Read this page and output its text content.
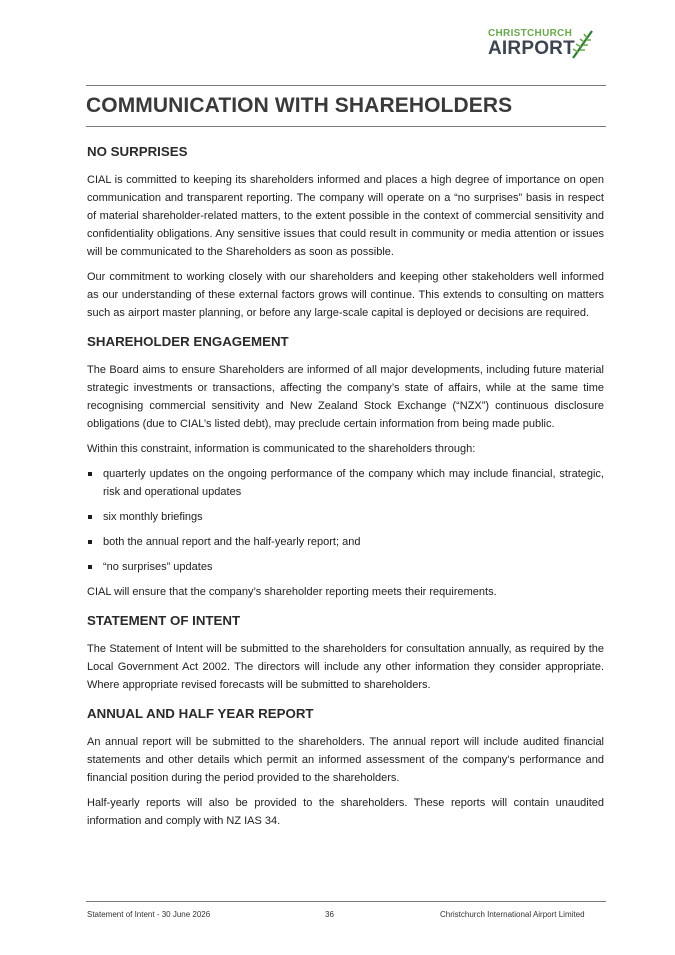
CHRISTCHURCH
AIRPORT
COMMUNICATION WITH SHAREHOLDERS
NO SURPRISES

CIAL is committed to keeping its shareholders informed and places a high degree of importance on open communication and transparent reporting. The company will operate on a “no surprises” basis in respect of material shareholder-related matters, to the extent possible in the context of commercial sensitivity and confidentiality obligations. Any sensitive issues that could result in community or media attention or issues will be communicated to the Shareholders as soon as possible.

Our commitment to working closely with our shareholders and keeping other stakeholders well informed as our understanding of these external factors grows will continue. This extends to consulting on matters such as airport master planning, or before any large-scale capital is deployed or decisions are required.

SHAREHOLDER ENGAGEMENT

The Board aims to ensure Shareholders are informed of all major developments, including future material strategic investments or transactions, affecting the company’s state of affairs, while at the same time recognising commercial sensitivity and New Zealand Stock Exchange (“NZX”) continuous disclosure obligations (due to CIAL’s listed debt), may preclude certain information from being made public.

Within this constraint, information is communicated to the shareholders through:

quarterly updates on the ongoing performance of the company which may include financial, strategic, risk and operational updates
six monthly briefings
both the annual report and the half-yearly report; and
“no surprises” updates

CIAL will ensure that the company’s shareholder reporting meets their requirements.

STATEMENT OF INTENT

The Statement of Intent will be submitted to the shareholders for consultation annually, as required by the Local Government Act 2002. The directors will include any other information they consider appropriate. Where appropriate revised forecasts will be submitted to shareholders.

ANNUAL AND HALF YEAR REPORT

An annual report will be submitted to the shareholders. The annual report will include audited financial statements and other details which permit an informed assessment of the company's performance and financial position during the period provided to the shareholders.

Half-yearly reports will also be provided to the shareholders. These reports will contain unaudited information and comply with NZ IAS 34.

Statement of Intent - 30 June 2026	36	Christchurch International Airport Limited
